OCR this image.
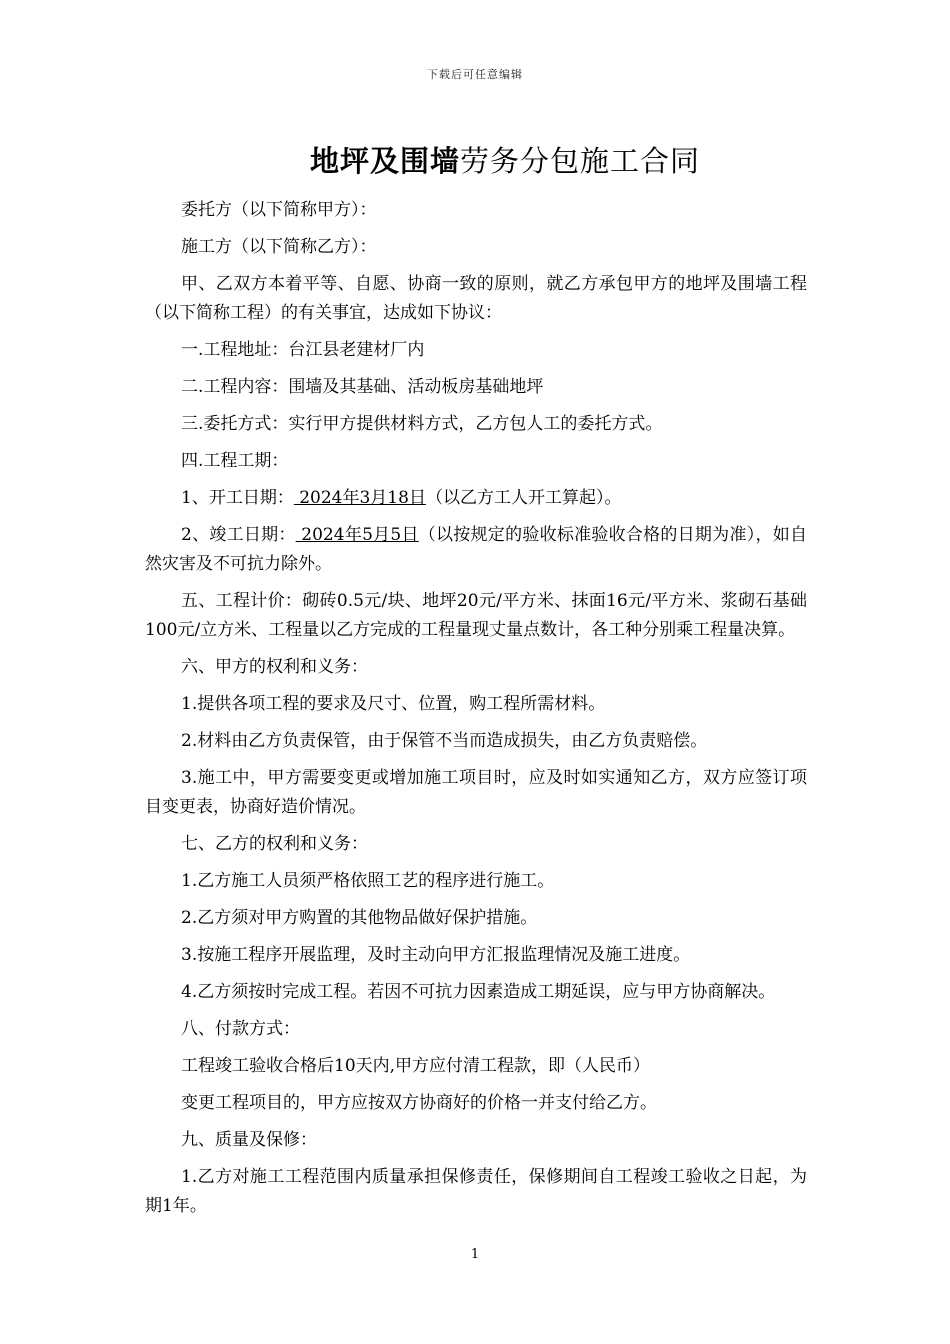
下载后可任意编辑
地坪及围墙劳务分包施工合同

委托方（以下简称甲方）：

施工方（以下简称乙方）：

甲、乙双方本着平等、自愿、协商一致的原则，就乙方承包甲方的地坪及围墙工程（以下简称工程）的有关事宜，达成如下协议：

一.工程地址：台江县老建材厂内

二.工程内容：围墙及其基础、活动板房基础地坪

三.委托方式：实行甲方提供材料方式，乙方包人工的委托方式。

四.工程工期：

1、开工日期： 2024年3月18日（以乙方工人开工算起）。

2、竣工日期： 2024年5月5日（以按规定的验收标准验收合格的日期为准），如自然灾害及不可抗力除外。

五、工程计价：砌砖0.5元/块、地坪20元/平方米、抹面16元/平方米、浆砌石基础100元/立方米、工程量以乙方完成的工程量现丈量点数计，各工种分别乘工程量决算。

六、甲方的权利和义务：

1.提供各项工程的要求及尺寸、位置，购工程所需材料。

2.材料由乙方负责保管，由于保管不当而造成损失，由乙方负责赔偿。

3.施工中，甲方需要变更或增加施工项目时，应及时如实通知乙方，双方应签订项目变更表，协商好造价情况。

七、乙方的权利和义务：

1.乙方施工人员须严格依照工艺的程序进行施工。

2.乙方须对甲方购置的其他物品做好保护措施。

3.按施工程序开展监理，及时主动向甲方汇报监理情况及施工进度。

4.乙方须按时完成工程。若因不可抗力因素造成工期延误，应与甲方协商解决。

八、付款方式：

工程竣工验收合格后10天内,甲方应付清工程款，即（人民币）

变更工程项目的，甲方应按双方协商好的价格一并支付给乙方。

九、质量及保修：

1.乙方对施工工程范围内质量承担保修责任，保修期间自工程竣工验收之日起，为期1年。

1
